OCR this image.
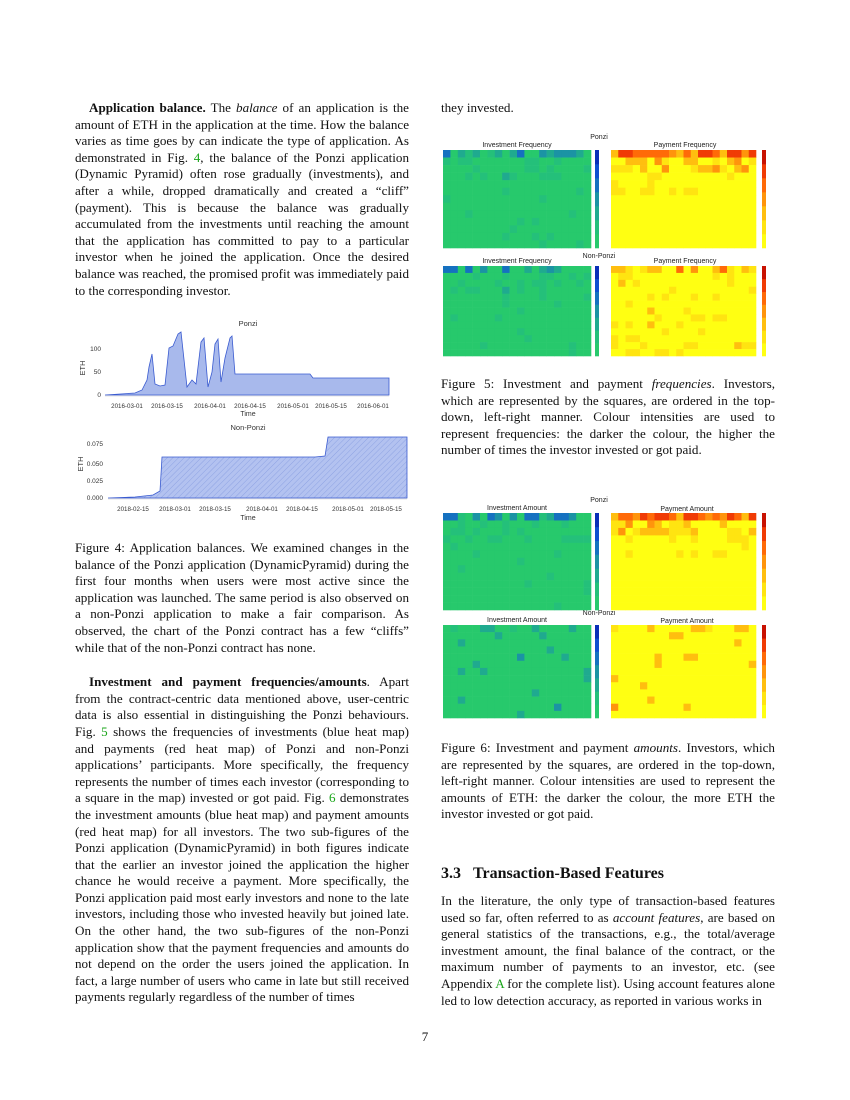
Application balance. The balance of an application is the amount of ETH in the application at the time. How the balance varies as time goes by can indicate the type of application. As demonstrated in Fig. 4, the balance of the Ponzi application (Dynamic Pyramid) often rose gradually (investments), and after a while, dropped dramatically and created a “cliff” (payment). This is because the balance was gradually accumulated from the investments until reaching the amount that the application has committed to pay to a particular investor when he joined the application. Once the desired balance was reached, the promised profit was immediately paid to the corresponding investor.

Ponzi
ETH
0
50
100
2016-03-01 2016-03-15 2016-04-01 2016-04-15 2016-05-01 2016-05-15 2016-06-01
Time
Non-Ponzi
ETH
0.000
0.025
0.050
0.075
2018-02-15 2018-03-01 2018-03-15 2018-04-01 2018-04-15 2018-05-01 2018-05-15
Time
Figure 4: Application balances. We examined changes in the balance of the Ponzi application (DynamicPyramid) during the first four months when users were most active since the application was launched. The same period is also observed on a non-Ponzi application to make a fair comparison. As observed, the chart of the Ponzi contract has a few “cliffs” while that of the non-Ponzi contract has none.

Investment and payment frequencies/amounts. Apart from the contract-centric data mentioned above, user-centric data is also essential in distinguishing the Ponzi behaviours. Fig. 5 shows the frequencies of investments (blue heat map) and payments (red heat map) of Ponzi and non-Ponzi applications’ participants. More specifically, the frequency represents the number of times each investor (corresponding to a square in the map) invested or got paid. Fig. 6 demonstrates the investment amounts (blue heat map) and payment amounts (red heat map) for all investors. The two sub-figures of the Ponzi application (DynamicPyramid) in both figures indicate that the earlier an investor joined the application the higher chance he would receive a payment. More specifically, the Ponzi application paid most early investors and none to the late investors, including those who invested heavily but joined late. On the other hand, the two sub-figures of the non-Ponzi application show that the payment frequencies and amounts do not depend on the order the users joined the application. In fact, a large number of users who came in late but still received payments regularly regardless of the number of times

they invested.

Ponzi
Investment Frequency	Payment Frequency
Non-Ponzi
Investment Frequency	Payment Frequency
Figure 5: Investment and payment frequencies. Investors, which are represented by the squares, are ordered in the top-down, left-right manner. Colour intensities are used to represent frequencies: the darker the colour, the higher the number of times the investor invested or got paid.
Ponzi
Investment Amount	Payment Amount
Non-Ponzi
Investment Amount	Payment Amount
Figure 6: Investment and payment amounts. Investors, which are represented by the squares, are ordered in the top-down, left-right manner. Colour intensities are used to represent the amounts of ETH: the darker the colour, the more ETH the investor invested or got paid.
3.3 Transaction-Based Features

In the literature, the only type of transaction-based features used so far, often referred to as account features, are based on general statistics of the transactions, e.g., the total/average investment amount, the final balance of the contract, or the maximum number of payments to an investor, etc. (see Appendix A for the complete list). Using account features alone led to low detection accuracy, as reported in various works in

7
